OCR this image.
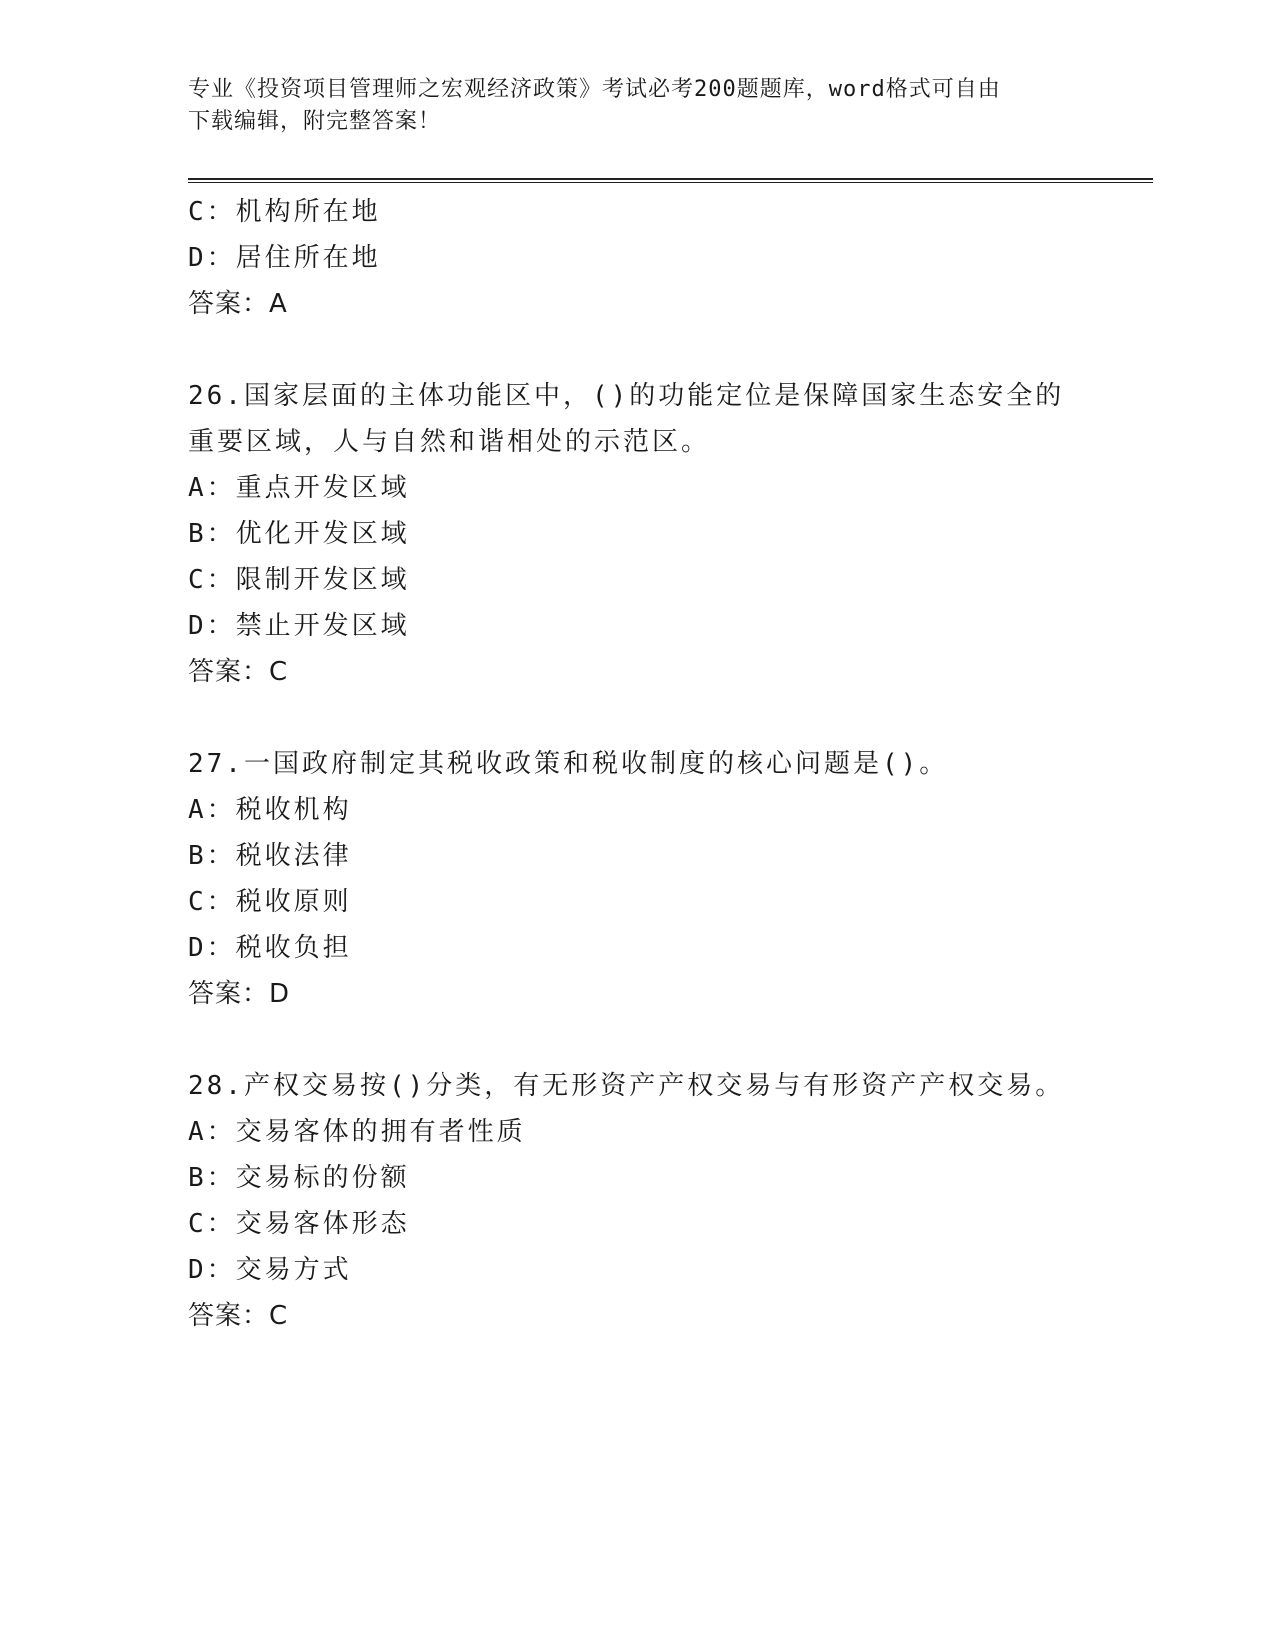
专业《投资项目管理师之宏观经济政策》考试必考200题题库，word格式可自由
下载编辑，附完整答案！
C：机构所在地
D：居住所在地
答案：A
26.国家层面的主体功能区中，()的功能定位是保障国家生态安全的重要区域，人与自然和谐相处的示范区。
A：重点开发区域
B：优化开发区域
C：限制开发区域
D：禁止开发区域
答案：C
27.一国政府制定其税收政策和税收制度的核心问题是()。
A：税收机构
B：税收法律
C：税收原则
D：税收负担
答案：D
28.产权交易按()分类，有无形资产产权交易与有形资产产权交易。
A：交易客体的拥有者性质
B：交易标的份额
C：交易客体形态
D：交易方式
答案：C
